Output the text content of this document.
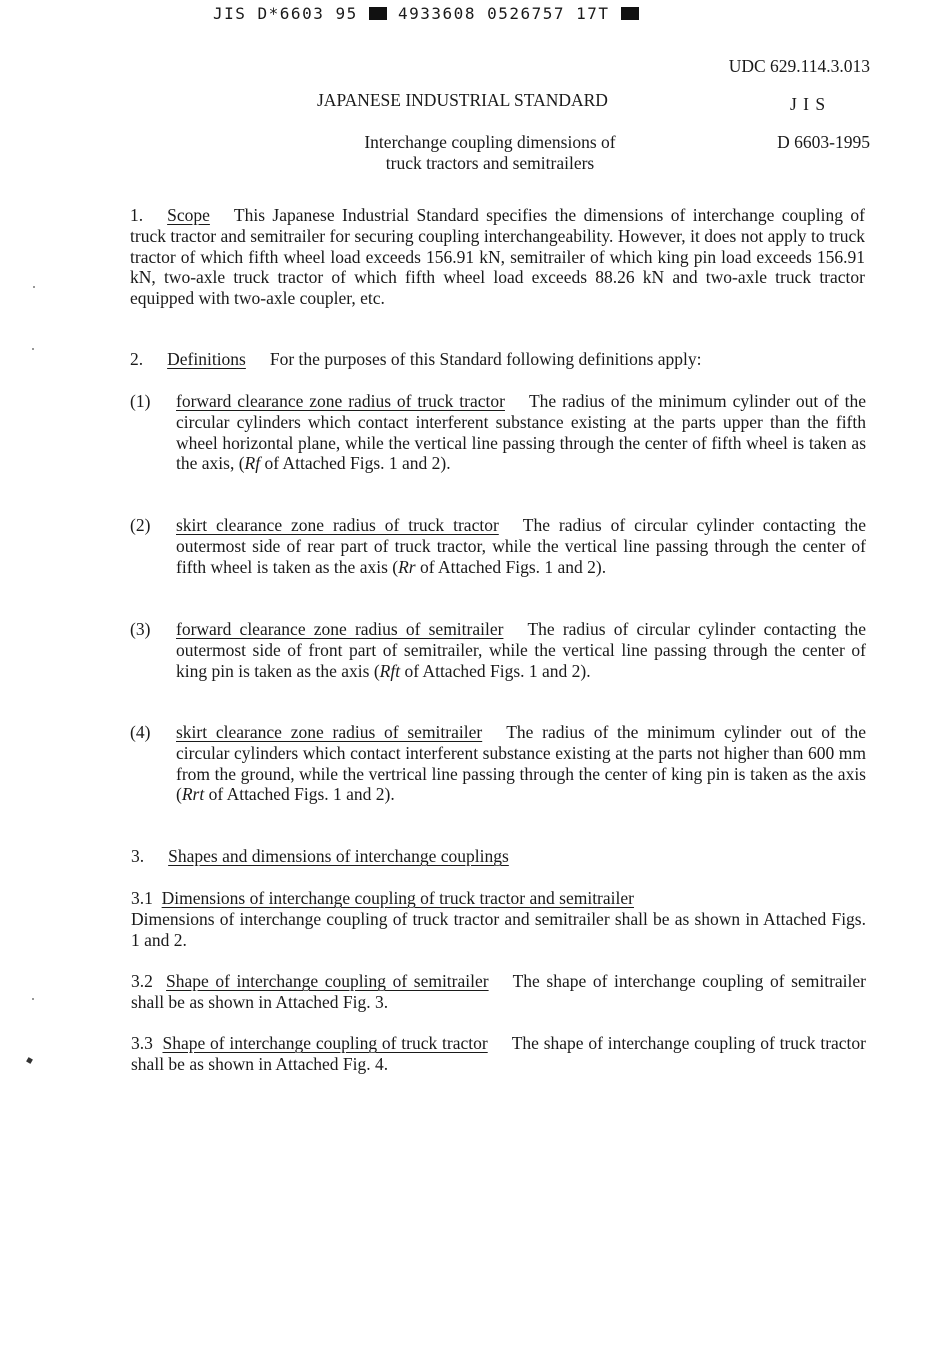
JIS D*6603 95	4933608 0526757 17T
UDC 629.114.3.013
JAPANESE INDUSTRIAL STANDARD	J I S
Interchange coupling dimensions of
truck tractors and semitrailers
D 6603-1995
1. Scope This Japanese Industrial Standard specifies the dimensions of interchange coupling of truck tractor and semitrailer for securing coupling interchangeability. However, it does not apply to truck tractor of which fifth wheel load exceeds 156.91 kN, semitrailer of which king pin load exceeds 156.91 kN, two-axle truck tractor of which fifth wheel load exceeds 88.26 kN and two-axle truck tractor equipped with two-axle coupler, etc.
2. Definitions For the purposes of this Standard following definitions apply:
(1) forward clearance zone radius of truck tractor The radius of the minimum cylinder out of the circular cylinders which contact interferent substance existing at the parts upper than the fifth wheel horizontal plane, while the vertical line passing through the center of fifth wheel is taken as the axis, (Rf of Attached Figs. 1 and 2).
(2) skirt clearance zone radius of truck tractor The radius of circular cylinder contacting the outermost side of rear part of truck tractor, while the vertical line passing through the center of fifth wheel is taken as the axis (Rr of Attached Figs. 1 and 2).
(3) forward clearance zone radius of semitrailer The radius of circular cylinder contacting the outermost side of front part of semitrailer, while the vertical line passing through the center of king pin is taken as the axis (Rft of Attached Figs. 1 and 2).
(4) skirt clearance zone radius of semitrailer The radius of the minimum cylinder out of the circular cylinders which contact interferent substance existing at the parts not higher than 600 mm from the ground, while the vertrical line passing through the center of king pin is taken as the axis (Rrt of Attached Figs. 1 and 2).
3. Shapes and dimensions of interchange couplings
3.1 Dimensions of interchange coupling of truck tractor and semitrailer
Dimensions of interchange coupling of truck tractor and semitrailer shall be as shown in Attached Figs. 1 and 2.
3.2 Shape of interchange coupling of semitrailer The shape of interchange coupling of semitrailer shall be as shown in Attached Fig. 3.
3.3 Shape of interchange coupling of truck tractor The shape of interchange coupling of truck tractor shall be as shown in Attached Fig. 4.
